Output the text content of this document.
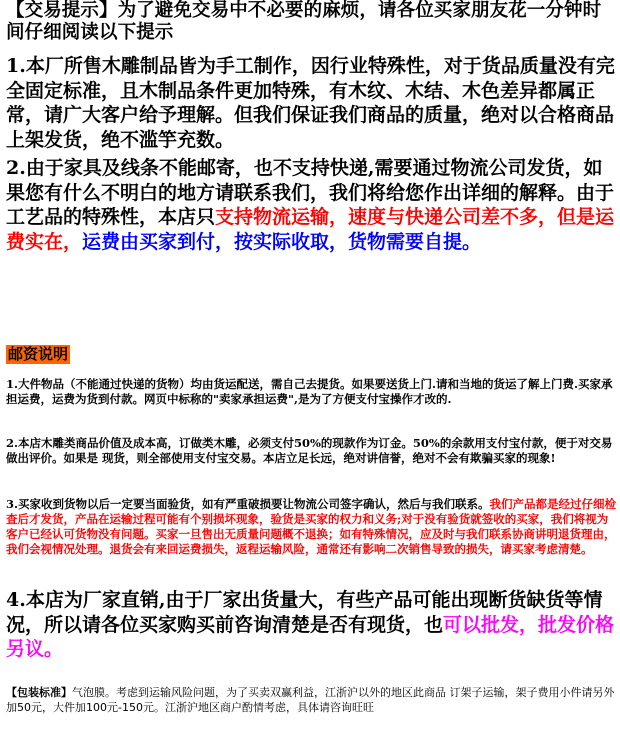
【交易提示】为了避免交易中不必要的麻烦，请各位买家朋友花一分钟时间仔细阅读以下提示
1.本厂所售木雕制品皆为手工制作，因行业特殊性，对于货品质量没有完全固定标准，且木制品条件更加特殊，有木纹、木结、木色差异都属正常，请广大客户给予理解。但我们保证我们商品的质量，绝对以合格商品上架发货，绝不滥竽充数。
2.由于家具及线条不能邮寄，也不支持快递,需要通过物流公司发货，如果您有什么不明白的地方请联系我们，我们将给您作出详细的解释。由于工艺品的特殊性，本店只支持物流运输，速度与快递公司差不多，但是运费实在，运费由买家到付，按实际收取，货物需要自提。
邮资说明
1.大件物品（不能通过快递的货物）均由货运配送，需自己去提货。如果要送货上门.请和当地的货运了解上门费.买家承担运费，运费为货到付款。网页中标称的"卖家承担运费",是为了方便支付宝操作才改的.
2.本店木雕类商品价值及成本高，订做类木雕，必须支付50%的现款作为订金。50%的余款用支付宝付款，便于对交易做出评价。如果是 现货，则全部使用支付宝交易。本店立足长远，绝对讲信誉，绝对不会有欺骗买家的现象!
3.买家收到货物以后一定要当面验货，如有严重破损要让物流公司签字确认，然后与我们联系。我们产品都是经过仔细检查后才发货，产品在运输过程可能有个别损坏现象，验货是买家的权力和义务;对于没有验货就签收的买家，我们将视为客户已经认可货物没有问题。买家一旦售出无质量问题概不退换；如有特殊情况，应及时与我们联系协商讲明退货理由，我们会视情况处理。退货会有来回运费损失，返程运输风险，通常还有影响二次销售导致的损失，请买家考虑清楚。
4.本店为厂家直销,由于厂家出货量大，有些产品可能出现断货缺货等情况，所以请各位买家购买前咨询清楚是否有现货，也可以批发，批发价格另议。
【包装标准】气泡膜。考虑到运输风险问题，为了买卖双赢利益，江浙沪以外的地区此商品 订架子运输，架子费用小件请另外加50元，大件加100元-150元。江浙沪地区商户酌情考虑，具体请咨询旺旺
